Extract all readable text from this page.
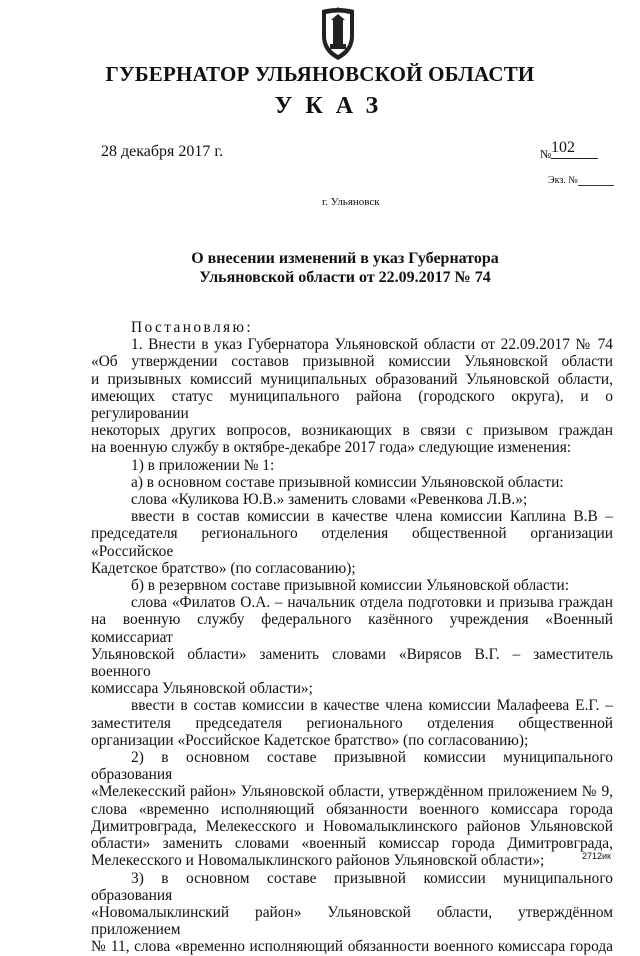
ГУБЕРНАТОР УЛЬЯНОВСКОЙ ОБЛАСТИ
УКАЗ
28 декабря 2017 г.	№ 102
Экз. №
г. Ульяновск
О внесении изменений в указ Губернатора
Ульяновской области от 22.09.2017 № 74

Постановляю:

1. Внести в указ Губернатора Ульяновской области от 22.09.2017 № 74

«Об утверждении составов призывной комиссии Ульяновской области

и призывных комиссий муниципальных образований Ульяновской области,

имеющих статус муниципального района (городского округа), и о регулировании

некоторых других вопросов, возникающих в связи с призывом граждан

на военную службу в октябре-декабре 2017 года» следующие изменения:

1) в приложении № 1:

а) в основном составе призывной комиссии Ульяновской области:

слова «Куликова Ю.В.» заменить словами «Ревенкова Л.В.»;

ввести в состав комиссии в качестве члена комиссии Каплина В.В –

председателя регионального отделения общественной организации «Российское

Кадетское братство» (по согласованию);

б) в резервном составе призывной комиссии Ульяновской области:

слова «Филатов О.А. – начальник отдела подготовки и призыва граждан

на военную службу федерального казённого учреждения «Военный комиссариат

Ульяновской области» заменить словами «Вирясов В.Г. – заместитель военного

комиссара Ульяновской области»;

ввести в состав комиссии в качестве члена комиссии Малафеева Е.Г. –

заместителя председателя регионального отделения общественной

организации «Российское Кадетское братство» (по согласованию);

2) в основном составе призывной комиссии муниципального образования

«Мелекесский район» Ульяновской области, утверждённом приложением № 9,

слова «временно исполняющий обязанности военного комиссара города

Димитровграда, Мелекесского и Новомалыклинского районов Ульяновской

области» заменить словами «военный комиссар города Димитровграда,

Мелекесского и Новомалыклинского районов Ульяновской области»;

3) в основном составе призывной комиссии муниципального образования

«Новомалыклинский район» Ульяновской области, утверждённом приложением

№ 11, слова «временно исполняющий обязанности военного комиссара города

2712ик
